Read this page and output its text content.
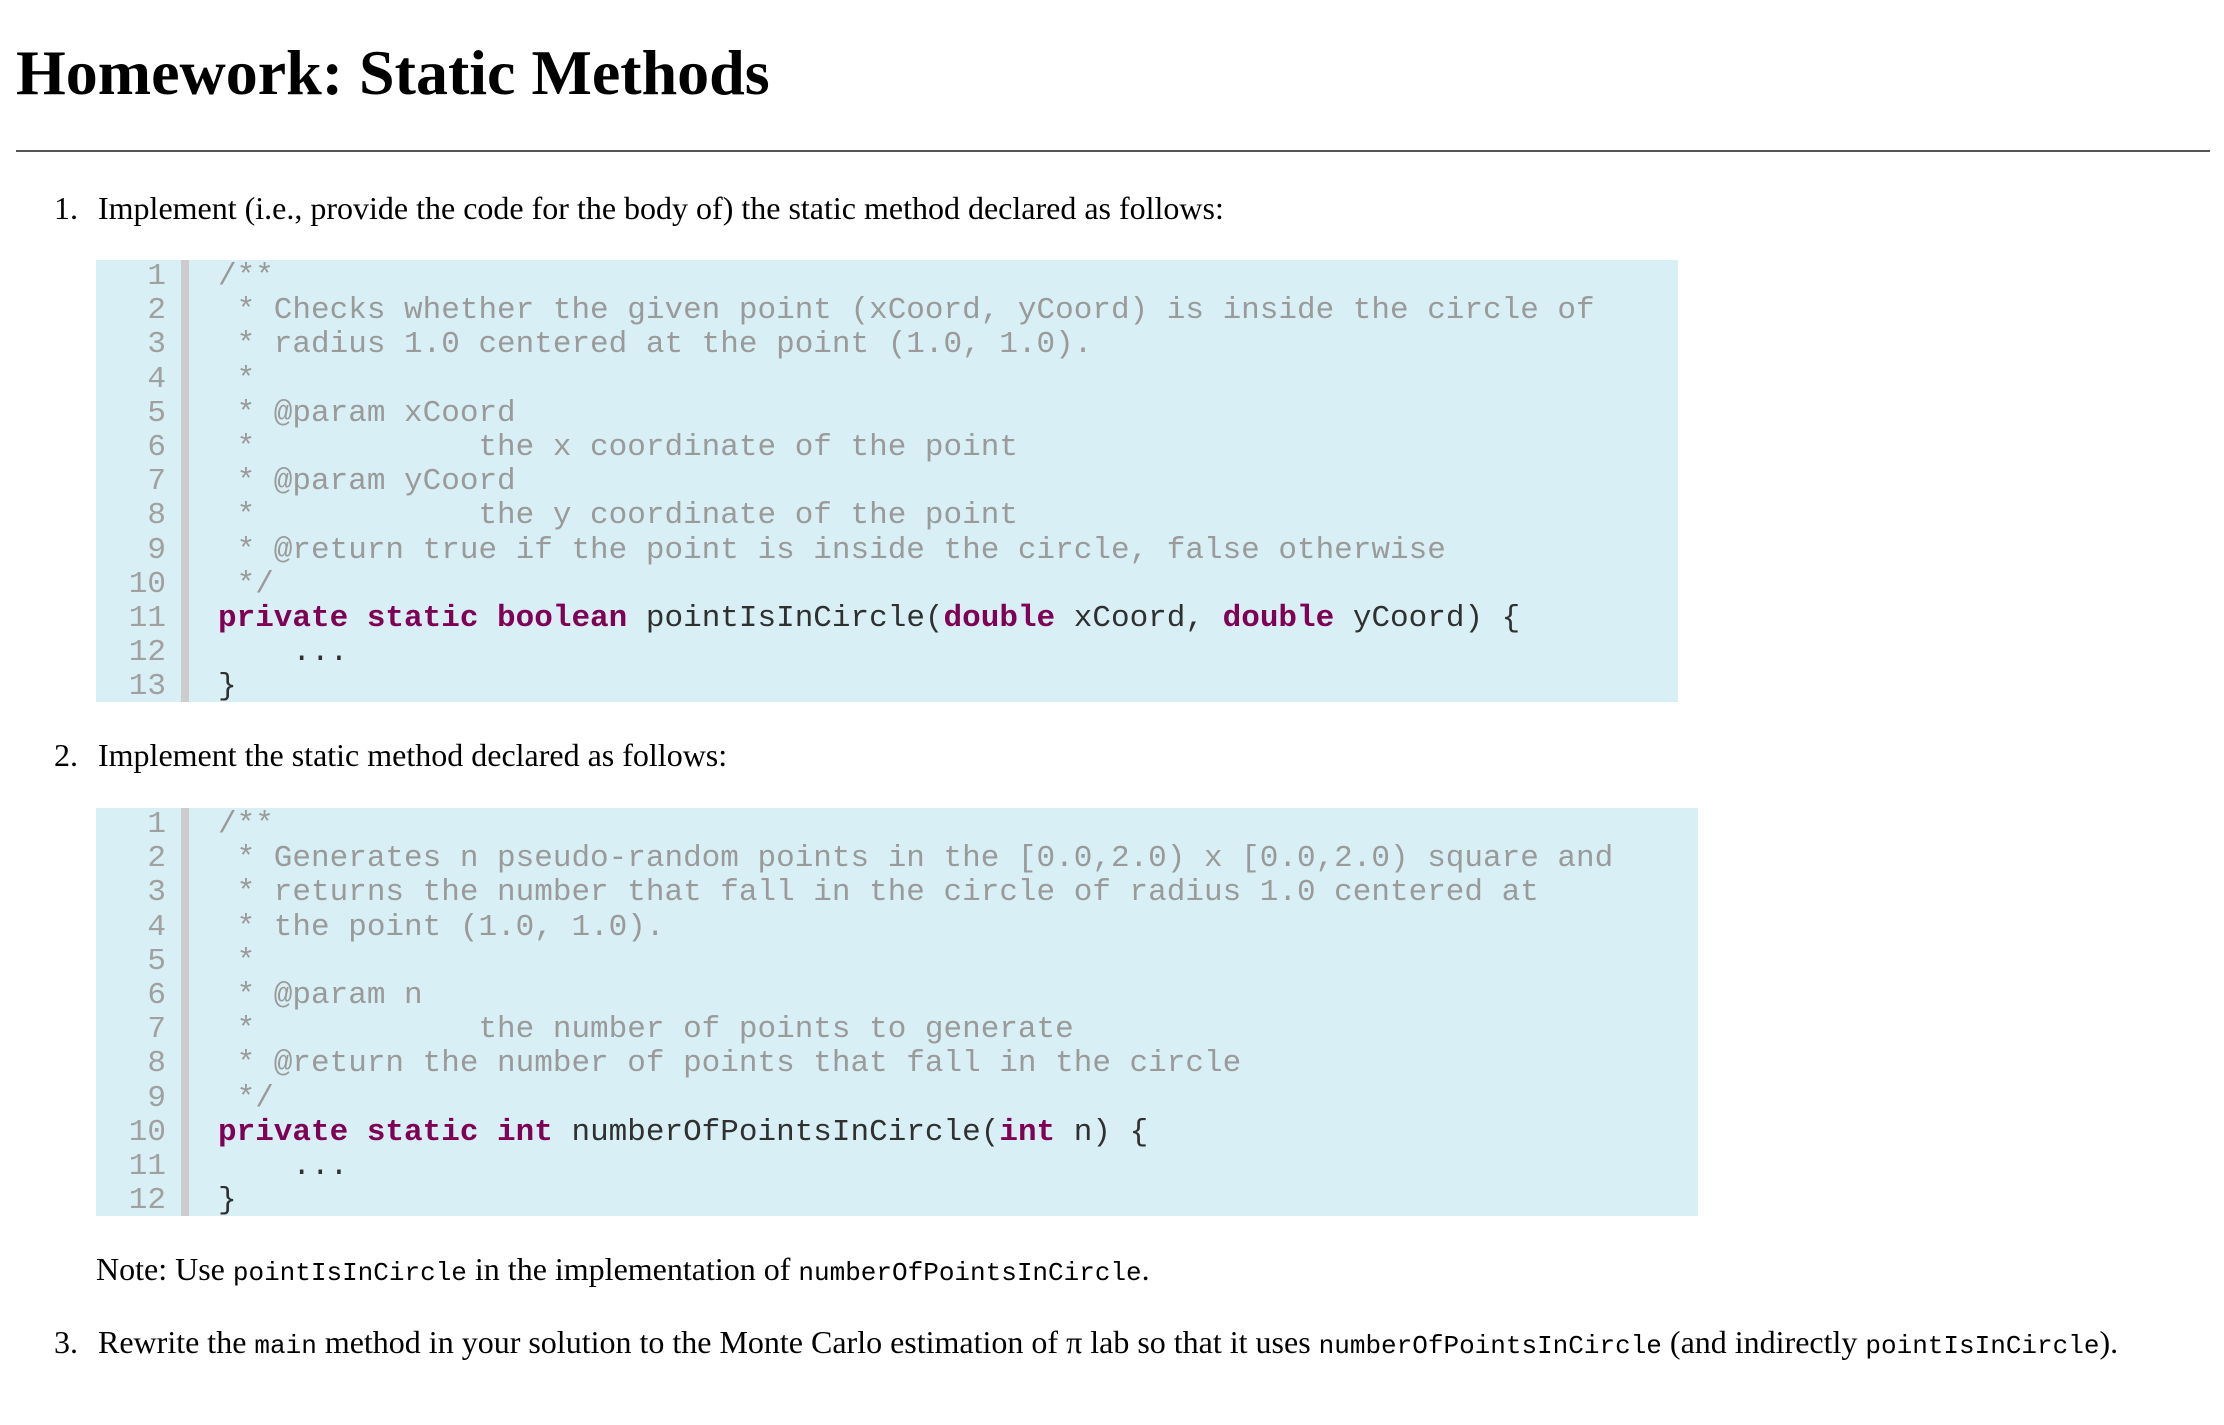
Homework: Static Methods
1. Implement (i.e., provide the code for the body of) the static method declared as follows:
1 /**
2 * Checks whether the given point (xCoord, yCoord) is inside the circle of
3 * radius 1.0 centered at the point (1.0, 1.0).
4 *
5 * @param xCoord
6 *            the x coordinate of the point
7 * @param yCoord
8 *            the y coordinate of the point
9 * @return true if the point is inside the circle, false otherwise
10 */
11 private static boolean pointIsInCircle(double xCoord, double yCoord) {
12 ...
13 }
2. Implement the static method declared as follows:
1 /**
2 * Generates n pseudo-random points in the [0.0,2.0) x [0.0,2.0) square and
3 * returns the number that fall in the circle of radius 1.0 centered at
4 * the point (1.0, 1.0).
5 *
6 * @param n
7 *            the number of points to generate
8 * @return the number of points that fall in the circle
9 */
10 private static int numberOfPointsInCircle(int n) {
11 ...
12 }
Note: Use pointIsInCircle in the implementation of numberOfPointsInCircle.
3. Rewrite the main method in your solution to the Monte Carlo estimation of π lab so that it uses numberOfPointsInCircle (and indirectly pointIsInCircle).
